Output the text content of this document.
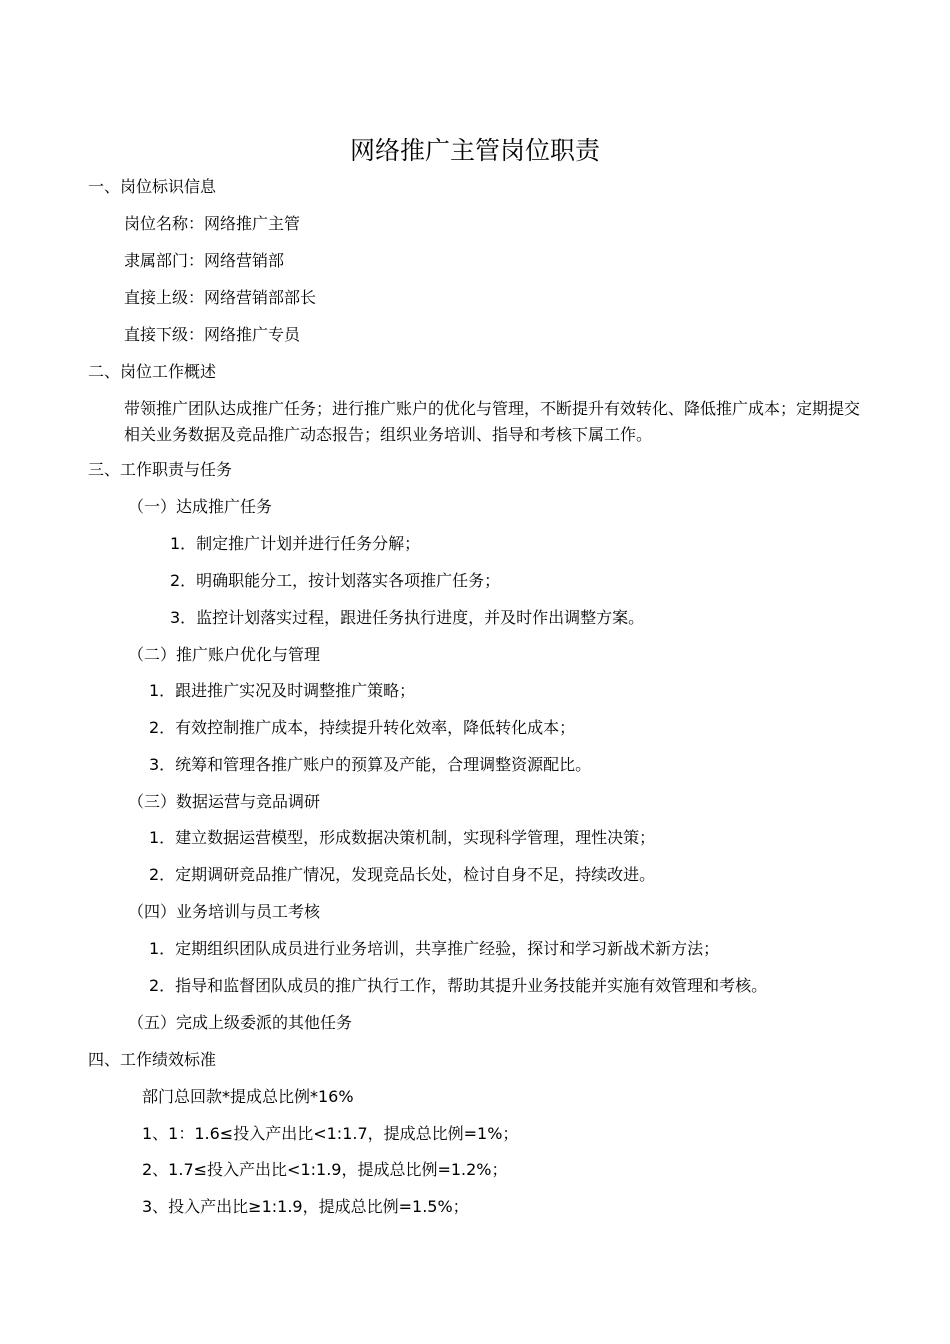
网络推广主管岗位职责
一、岗位标识信息
岗位名称：网络推广主管
隶属部门：网络营销部
直接上级：网络营销部部长
直接下级：网络推广专员
二、岗位工作概述
带领推广团队达成推广任务；进行推广账户的优化与管理，不断提升有效转化、降低推广成本；定期提交相关业务数据及竞品推广动态报告；组织业务培训、指导和考核下属工作。
三、工作职责与任务
（一）达成推广任务
1．制定推广计划并进行任务分解；
2．明确职能分工，按计划落实各项推广任务；
3．监控计划落实过程，跟进任务执行进度，并及时作出调整方案。
（二）推广账户优化与管理
1．跟进推广实况及时调整推广策略；
2．有效控制推广成本，持续提升转化效率，降低转化成本；
3．统筹和管理各推广账户的预算及产能，合理调整资源配比。
（三）数据运营与竞品调研
1．建立数据运营模型，形成数据决策机制，实现科学管理，理性决策；
2．定期调研竞品推广情况，发现竞品长处，检讨自身不足，持续改进。
（四）业务培训与员工考核
1．定期组织团队成员进行业务培训，共享推广经验，探讨和学习新战术新方法；
2．指导和监督团队成员的推广执行工作，帮助其提升业务技能并实施有效管理和考核。
（五）完成上级委派的其他任务
四、工作绩效标准
部门总回款*提成总比例*16%
1、1：1.6≤投入产出比<1:1.7，提成总比例=1%；
2、1.7≤投入产出比<1:1.9，提成总比例=1.2%；
3、投入产出比≥1:1.9，提成总比例=1.5%；
